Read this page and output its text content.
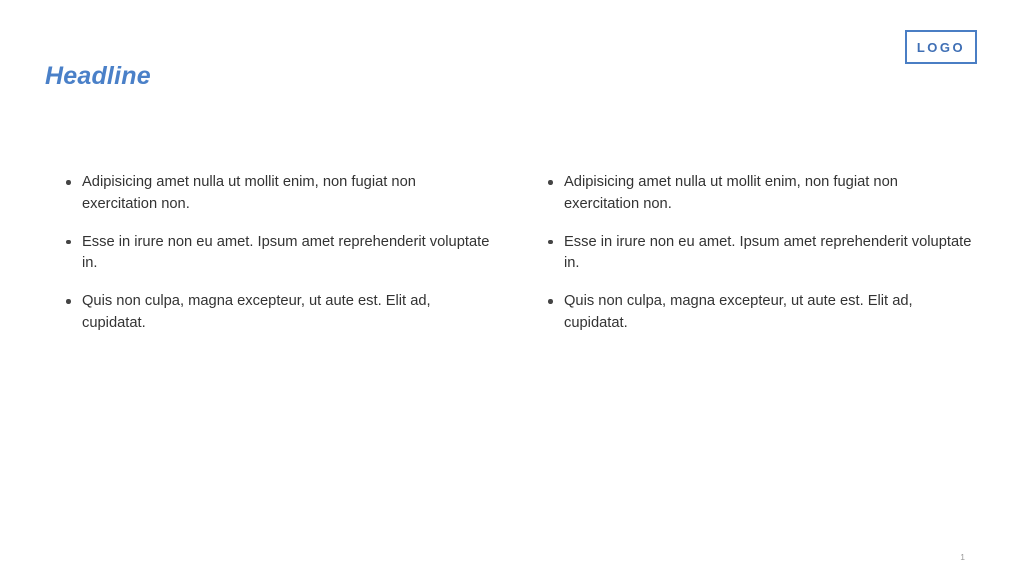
LOGO
Headline
Adipisicing amet nulla ut mollit enim, non fugiat non exercitation non.
Esse in irure non eu amet. Ipsum amet reprehenderit voluptate in.
Quis non culpa, magna excepteur, ut aute est. Elit ad, cupidatat.
Adipisicing amet nulla ut mollit enim, non fugiat non exercitation non.
Esse in irure non eu amet. Ipsum amet reprehenderit voluptate in.
Quis non culpa, magna excepteur, ut aute est. Elit ad, cupidatat.
1
